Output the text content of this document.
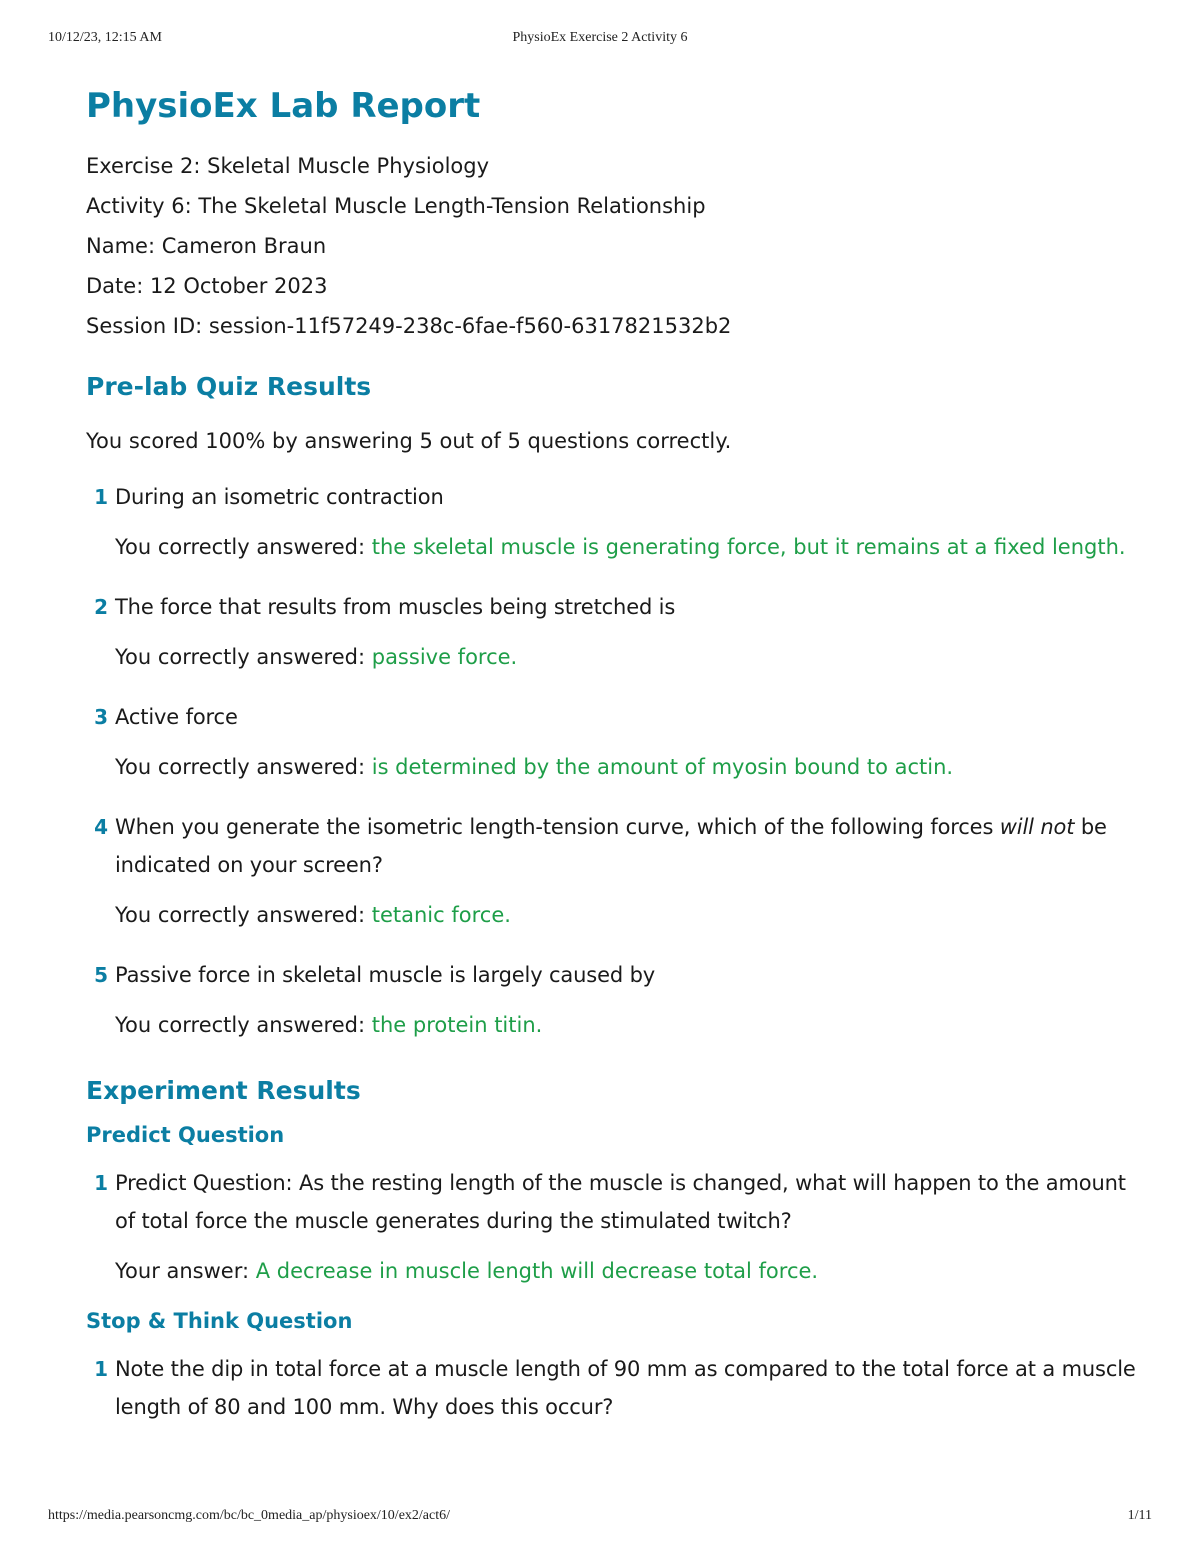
10/12/23, 12:15 AM	PhysioEx Exercise 2 Activity 6
PhysioEx Lab Report

Exercise 2: Skeletal Muscle Physiology

Activity 6: The Skeletal Muscle Length-Tension Relationship

Name: Cameron Braun

Date: 12 October 2023

Session ID: session-11f57249-238c-6fae-f560-6317821532b2

Pre-lab Quiz Results

You scored 100% by answering 5 out of 5 questions correctly.

1 During an isometric contraction

You correctly answered: the skeletal muscle is generating force, but it remains at a fixed length.

2 The force that results from muscles being stretched is

You correctly answered: passive force.

3 Active force

You correctly answered: is determined by the amount of myosin bound to actin.

4 When you generate the isometric length-tension curve, which of the following forces will not be indicated on your screen?

You correctly answered: tetanic force.

5 Passive force in skeletal muscle is largely caused by

You correctly answered: the protein titin.

Experiment Results
Predict Question
1 Predict Question: As the resting length of the muscle is changed, what will happen to the amount of total force the muscle generates during the stimulated twitch?

Your answer: A decrease in muscle length will decrease total force.

Stop & Think Question
1 Note the dip in total force at a muscle length of 90 mm as compared to the total force at a muscle length of 80 and 100 mm. Why does this occur?

https://media.pearsoncmg.com/bc/bc_0media_ap/physioex/10/ex2/act6/	1/11
